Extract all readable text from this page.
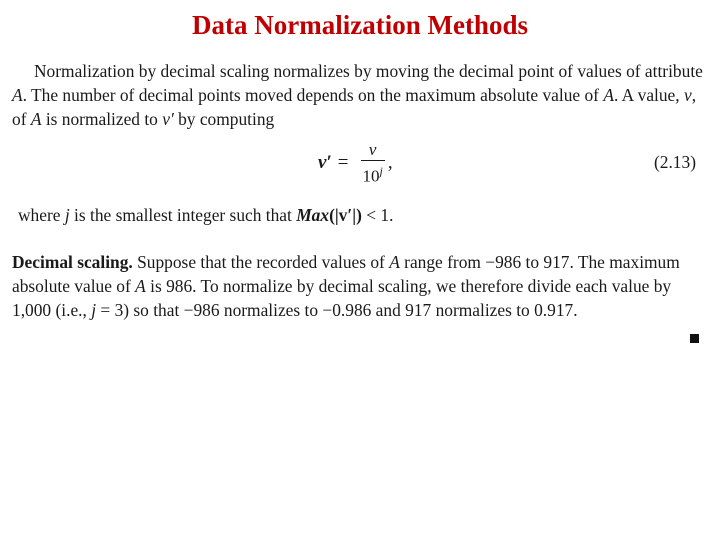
Data Normalization Methods

Normalization by decimal scaling normalizes by moving the decimal point of values of attribute A. The number of decimal points moved depends on the maximum absolute value of A. A value, v, of A is normalized to v′ by computing

$v' = \frac{v}{10^j}$ ,	(2.13)

where j is the smallest integer such that Max(|v′|) < 1.

Decimal scaling. Suppose that the recorded values of A range from −986 to 917. The maximum absolute value of A is 986. To normalize by decimal scaling, we therefore divide each value by 1,000 (i.e., j = 3) so that −986 normalizes to −0.986 and 917 normalizes to 0.917.
